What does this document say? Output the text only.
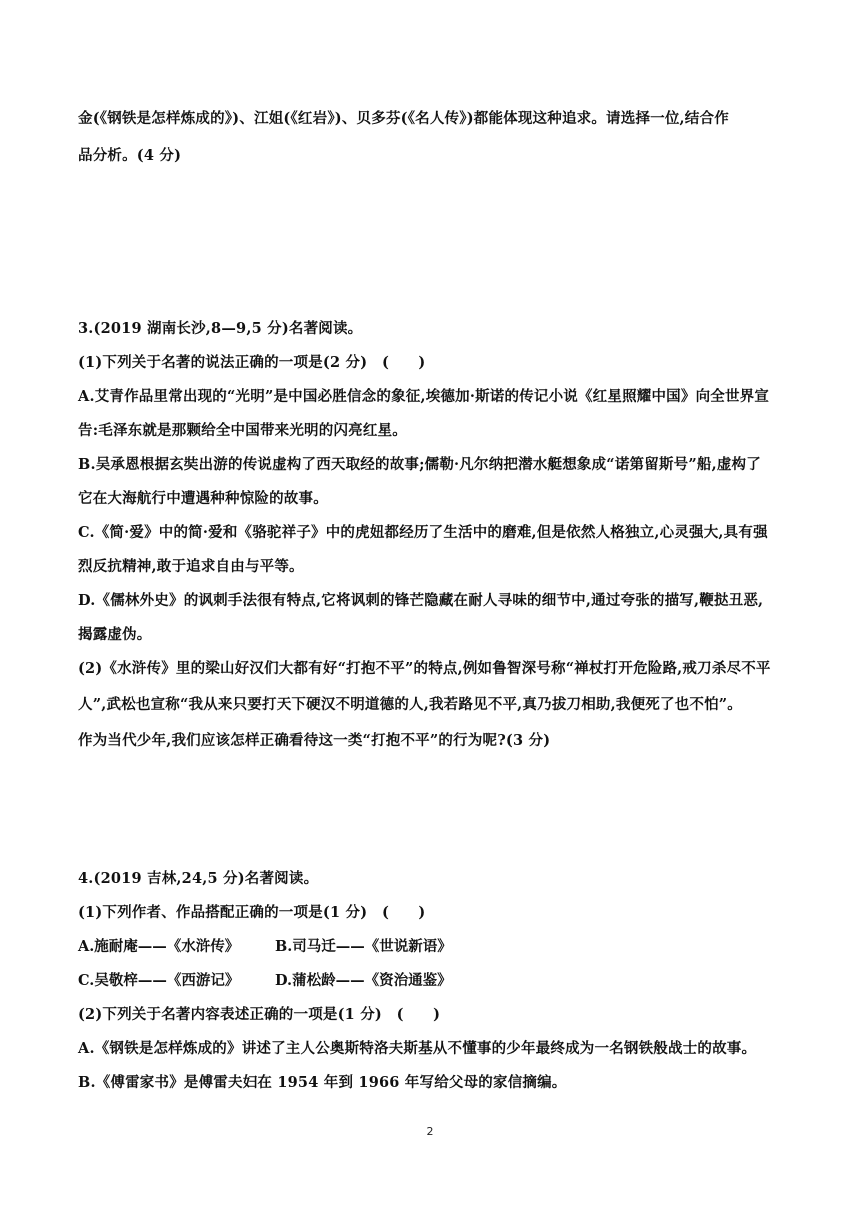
金(《钢铁是怎样炼成的》)、江姐(《红岩》)、贝多芬(《名人传》)都能体现这种追求。请选择一位,结合作
品分析。(4 分)
3.(2019 湖南长沙,8—9,5 分)名著阅读。
(1)下列关于名著的说法正确的一项是(2 分)　(　　)
A.艾青作品里常出现的“光明”是中国必胜信念的象征,埃德加·斯诺的传记小说《红星照耀中国》向全世界宣
告:毛泽东就是那颗给全中国带来光明的闪亮红星。
B.吴承恩根据玄奘出游的传说虚构了西天取经的故事;儒勒·凡尔纳把潜水艇想象成“诺第留斯号”船,虚构了
它在大海航行中遭遇种种惊险的故事。
C.《简·爱》中的简·爱和《骆驼祥子》中的虎妞都经历了生活中的磨难,但是依然人格独立,心灵强大,具有强
烈反抗精神,敢于追求自由与平等。
D.《儒林外史》的讽刺手法很有特点,它将讽刺的锋芒隐藏在耐人寻味的细节中,通过夸张的描写,鞭挞丑恶,
揭露虚伪。
(2)《水浒传》里的梁山好汉们大都有好“打抱不平”的特点,例如鲁智深号称“禅杖打开危险路,戒刀杀尽不平
人”,武松也宣称“我从来只要打天下硬汉不明道德的人,我若路见不平,真乃拔刀相助,我便死了也不怕”。
作为当代少年,我们应该怎样正确看待这一类“打抱不平”的行为呢?(3 分)
4.(2019 吉林,24,5 分)名著阅读。
(1)下列作者、作品搭配正确的一项是(1 分)　(　　)
A.施耐庵——《水浒传》 B.司马迁——《世说新语》
C.吴敬梓——《西游记》 D.蒲松龄——《资治通鉴》
(2)下列关于名著内容表述正确的一项是(1 分)　(　　)
A.《钢铁是怎样炼成的》讲述了主人公奥斯特洛夫斯基从不懂事的少年最终成为一名钢铁般战士的故事。
B.《傅雷家书》是傅雷夫妇在 1954 年到 1966 年写给父母的家信摘编。
2
